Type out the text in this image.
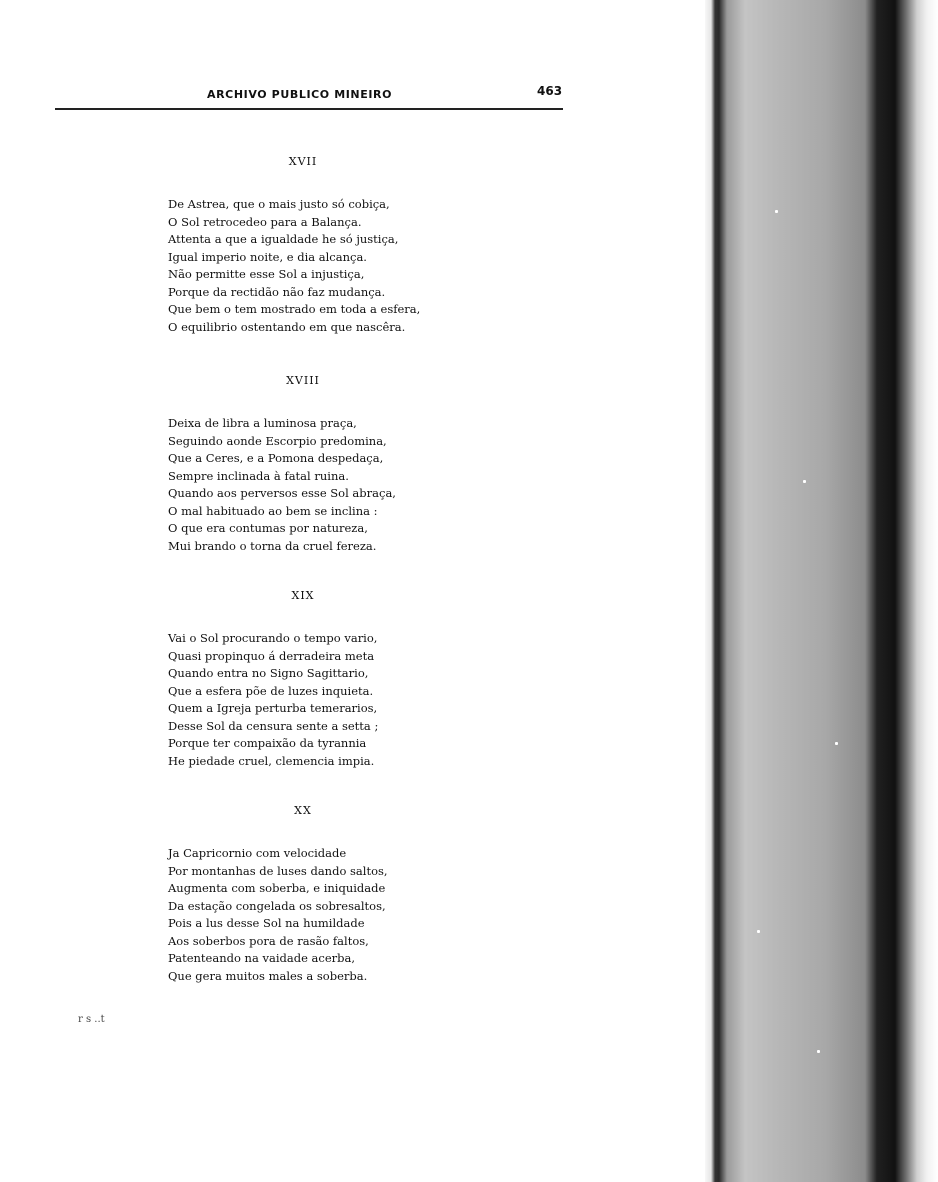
ARCHIVO PUBLICO MINEIRO	463
XVII
De Astrea, que o mais justo só cobiça,
O Sol retrocedeo para a Balança.
Attenta a que a igualdade he só justiça,
Igual imperio noite, e dia alcança.
Não permitte esse Sol a injustiça,
Porque da rectidão não faz mudança.
Que bem o tem mostrado em toda a esfera,
O equilibrio ostentando em que nascêra.
XVIII
Deixa de libra a luminosa praça,
Seguindo aonde Escorpio predomina,
Que a Ceres, e a Pomona despedaça,
Sempre inclinada à fatal ruina.
Quando aos perversos esse Sol abraça,
O mal habituado ao bem se inclina :
O que era contumas por natureza,
Mui brando o torna da cruel fereza.
XIX
Vai o Sol procurando o tempo vario,
Quasi propinquo á derradeira meta
Quando entra no Signo Sagittario,
Que a esfera põe de luzes inquieta.
Quem a Igreja perturba temerarios,
Desse Sol da censura sente a setta ;
Porque ter compaixão da tyrannia
He piedade cruel, clemencia impia.
XX
Ja Capricornio com velocidade
Por montanhas de luses dando saltos,
Augmenta com soberba, e iniquidade
Da estação congelada os sobresaltos,
Pois a lus desse Sol na humildade
Aos soberbos pora de rasão faltos,
Patenteando na vaidade acerba,
Que gera muitos males a soberba.
r s ..t
